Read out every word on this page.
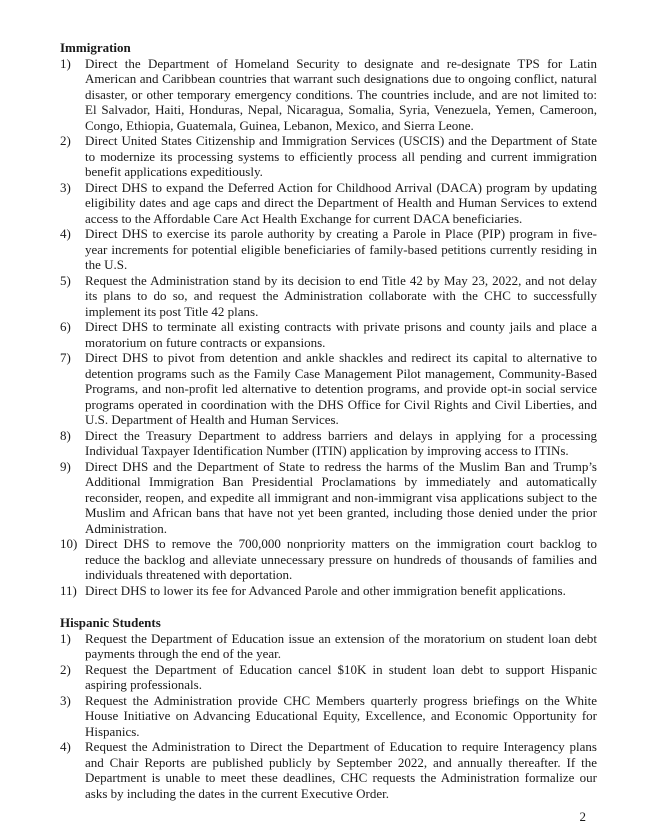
Immigration
1) Direct the Department of Homeland Security to designate and re-designate TPS for Latin American and Caribbean countries that warrant such designations due to ongoing conflict, natural disaster, or other temporary emergency conditions. The countries include, and are not limited to: El Salvador, Haiti, Honduras, Nepal, Nicaragua, Somalia, Syria, Venezuela, Yemen, Cameroon, Congo, Ethiopia, Guatemala, Guinea, Lebanon, Mexico, and Sierra Leone.
2) Direct United States Citizenship and Immigration Services (USCIS) and the Department of State to modernize its processing systems to efficiently process all pending and current immigration benefit applications expeditiously.
3) Direct DHS to expand the Deferred Action for Childhood Arrival (DACA) program by updating eligibility dates and age caps and direct the Department of Health and Human Services to extend access to the Affordable Care Act Health Exchange for current DACA beneficiaries.
4) Direct DHS to exercise its parole authority by creating a Parole in Place (PIP) program in five-year increments for potential eligible beneficiaries of family-based petitions currently residing in the U.S.
5) Request the Administration stand by its decision to end Title 42 by May 23, 2022, and not delay its plans to do so, and request the Administration collaborate with the CHC to successfully implement its post Title 42 plans.
6) Direct DHS to terminate all existing contracts with private prisons and county jails and place a moratorium on future contracts or expansions.
7) Direct DHS to pivot from detention and ankle shackles and redirect its capital to alternative to detention programs such as the Family Case Management Pilot management, Community-Based Programs, and non-profit led alternative to detention programs, and provide opt-in social service programs operated in coordination with the DHS Office for Civil Rights and Civil Liberties, and U.S. Department of Health and Human Services.
8) Direct the Treasury Department to address barriers and delays in applying for a processing Individual Taxpayer Identification Number (ITIN) application by improving access to ITINs.
9) Direct DHS and the Department of State to redress the harms of the Muslim Ban and Trump’s Additional Immigration Ban Presidential Proclamations by immediately and automatically reconsider, reopen, and expedite all immigrant and non-immigrant visa applications subject to the Muslim and African bans that have not yet been granted, including those denied under the prior Administration.
10) Direct DHS to remove the 700,000 nonpriority matters on the immigration court backlog to reduce the backlog and alleviate unnecessary pressure on hundreds of thousands of families and individuals threatened with deportation.
11) Direct DHS to lower its fee for Advanced Parole and other immigration benefit applications.
Hispanic Students
1) Request the Department of Education issue an extension of the moratorium on student loan debt payments through the end of the year.
2) Request the Department of Education cancel $10K in student loan debt to support Hispanic aspiring professionals.
3) Request the Administration provide CHC Members quarterly progress briefings on the White House Initiative on Advancing Educational Equity, Excellence, and Economic Opportunity for Hispanics.
4) Request the Administration to Direct the Department of Education to require Interagency plans and Chair Reports are published publicly by September 2022, and annually thereafter. If the Department is unable to meet these deadlines, CHC requests the Administration formalize our asks by including the dates in the current Executive Order.
2
